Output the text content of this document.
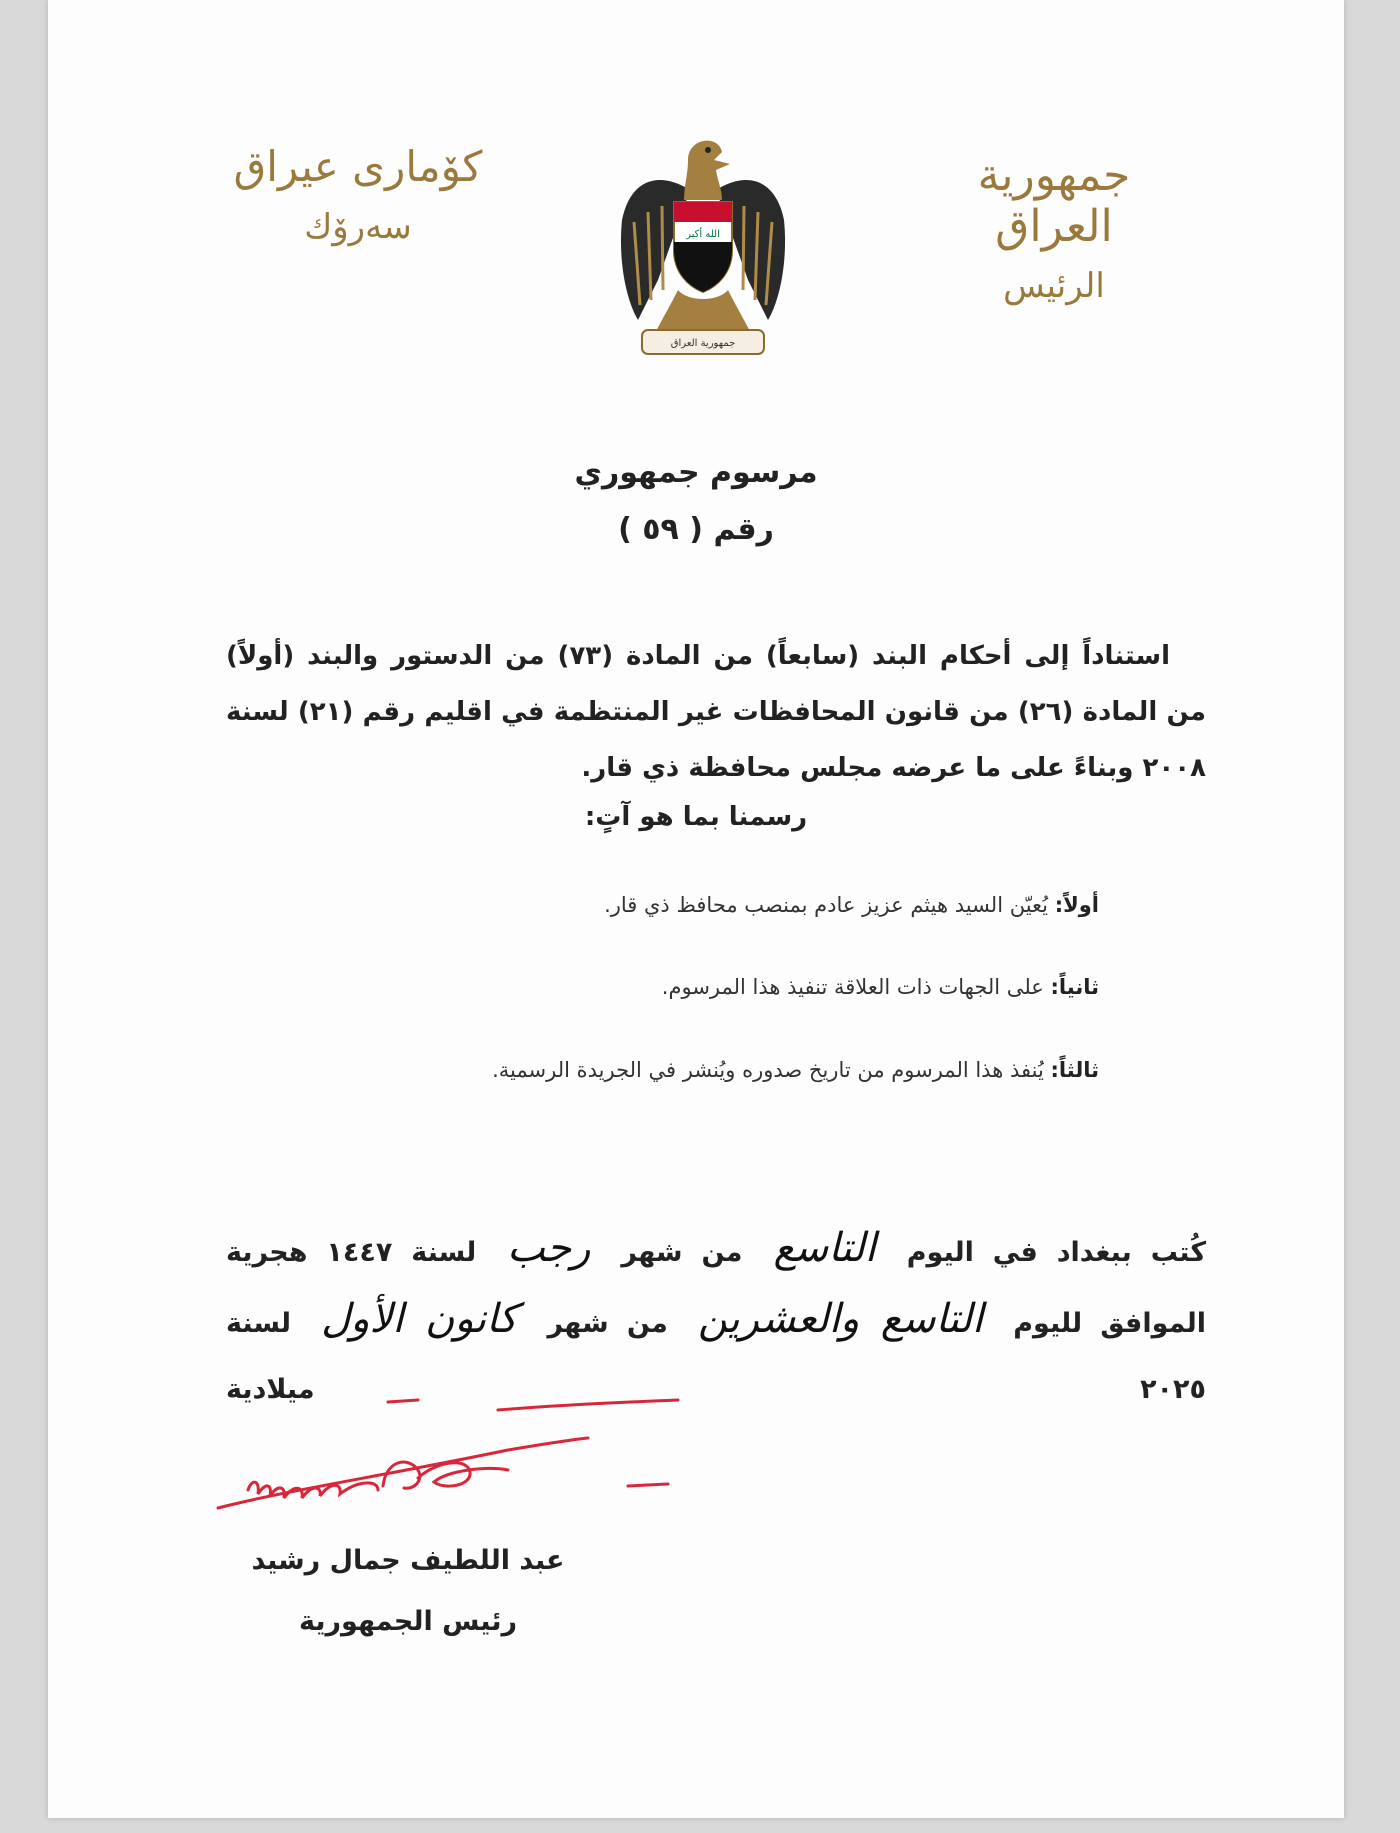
جمهورية العراق
الرئيس
كۆماری عیراق
سەرۆك	الله أكبر
جمهورية العراق
مرسوم جمهوري
رقم ( ٥٩ )

استناداً إلى أحكام البند (سابعاً) من المادة (٧٣) من الدستور والبند (أولاً) من المادة (٢٦) من قانون المحافظات غير المنتظمة في اقليم رقم (٢١) لسنة ٢٠٠٨ وبناءً على ما عرضه مجلس محافظة ذي قار.

رسمنا بما هو آتٍ:
أولاً: يُعيّن السيد هيثم عزيز عادم بمنصب محافظ ذي قار.
ثانياً: على الجهات ذات العلاقة تنفيذ هذا المرسوم.
ثالثاً: يُنفذ هذا المرسوم من تاريخ صدوره ويُنشر في الجريدة الرسمية.
كُتب ببغداد في اليوم التاسع من شهر رجب لسنة ١٤٤٧ هجرية
الموافق لليوم التاسع والعشرين من شهر كانون الأول لسنة ٢٠٢٥ ميلادية
عبد اللطيف جمال رشيد
رئيس الجمهورية
